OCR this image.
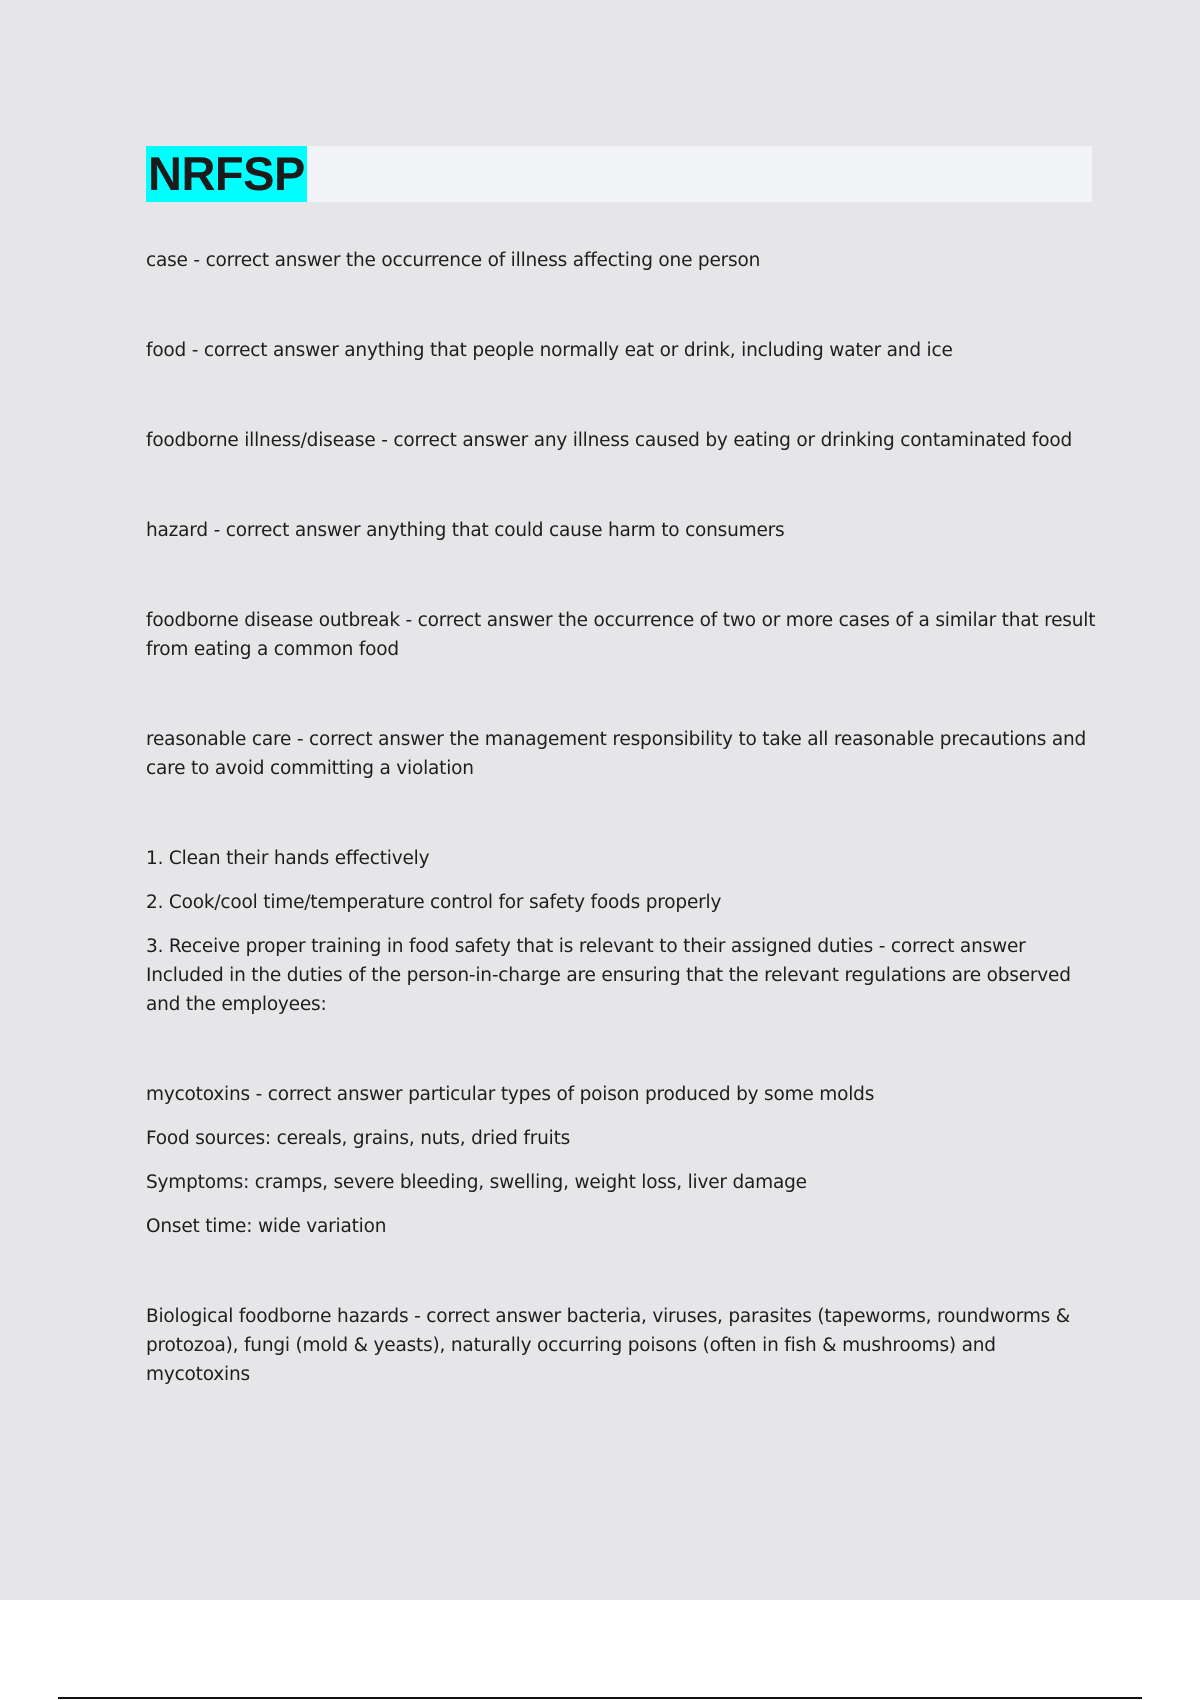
NRFSP

case - correct answer the occurrence of illness affecting one person

food - correct answer anything that people normally eat or drink, including water and ice

foodborne illness/disease - correct answer any illness caused by eating or drinking contaminated food

hazard - correct answer anything that could cause harm to consumers

foodborne disease outbreak - correct answer the occurrence of two or more cases of a similar that result from eating a common food

reasonable care - correct answer the management responsibility to take all reasonable precautions and care to avoid committing a violation

1. Clean their hands effectively

2. Cook/cool time/temperature control for safety foods properly

3. Receive proper training in food safety that is relevant to their assigned duties - correct answer Included in the duties of the person-in-charge are ensuring that the relevant regulations are observed and the employees:

mycotoxins - correct answer particular types of poison produced by some molds

Food sources: cereals, grains, nuts, dried fruits

Symptoms: cramps, severe bleeding, swelling, weight loss, liver damage

Onset time: wide variation

Biological foodborne hazards - correct answer bacteria, viruses, parasites (tapeworms, roundworms & protozoa), fungi (mold & yeasts), naturally occurring poisons (often in fish & mushrooms) and mycotoxins
